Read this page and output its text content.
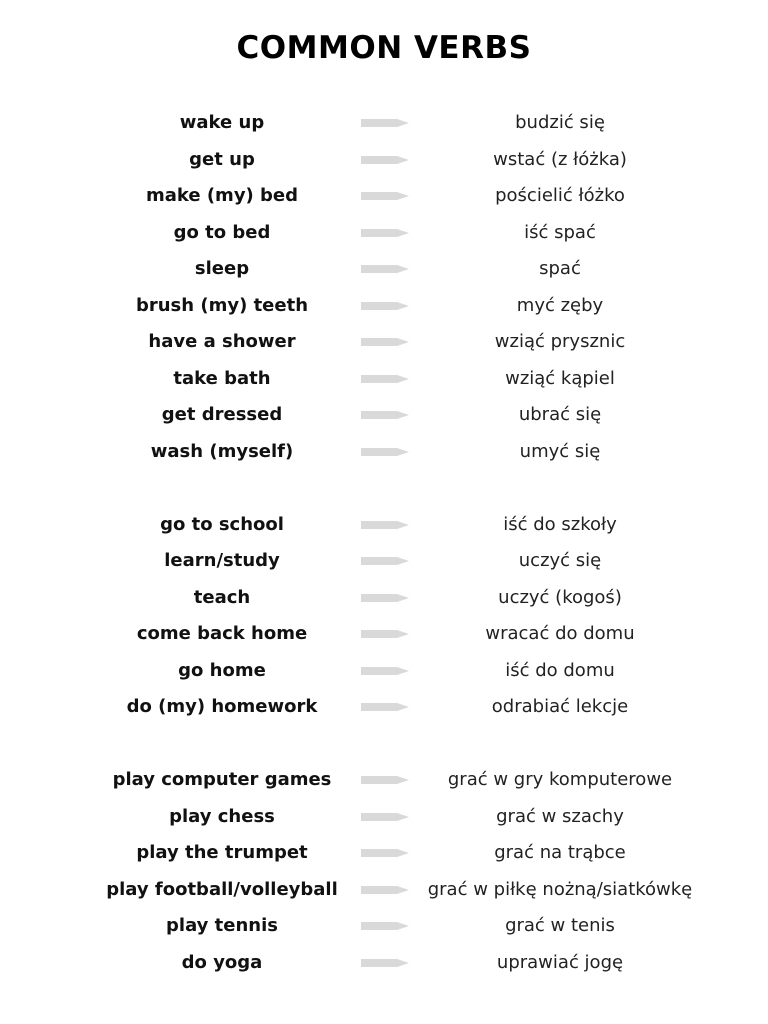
COMMON VERBS
wake up	budzić się
get up	wstać (z łóżka)
make (my) bed	pościelić łóżko
go to bed	iść spać
sleep	spać
brush (my) teeth	myć zęby
have a shower	wziąć prysznic
take bath	wziąć kąpiel
get dressed	ubrać się
wash (myself)	umyć się
go to school	iść do szkoły
learn/study	uczyć się
teach	uczyć (kogoś)
come back home	wracać do domu
go home	iść do domu
do (my) homework	odrabiać lekcje
play computer games	grać w gry komputerowe
play chess	grać w szachy
play the trumpet	grać na trąbce
play football/volleyball	grać w piłkę nożną/siatkówkę
play tennis	grać w tenis
do yoga	uprawiać jogę
